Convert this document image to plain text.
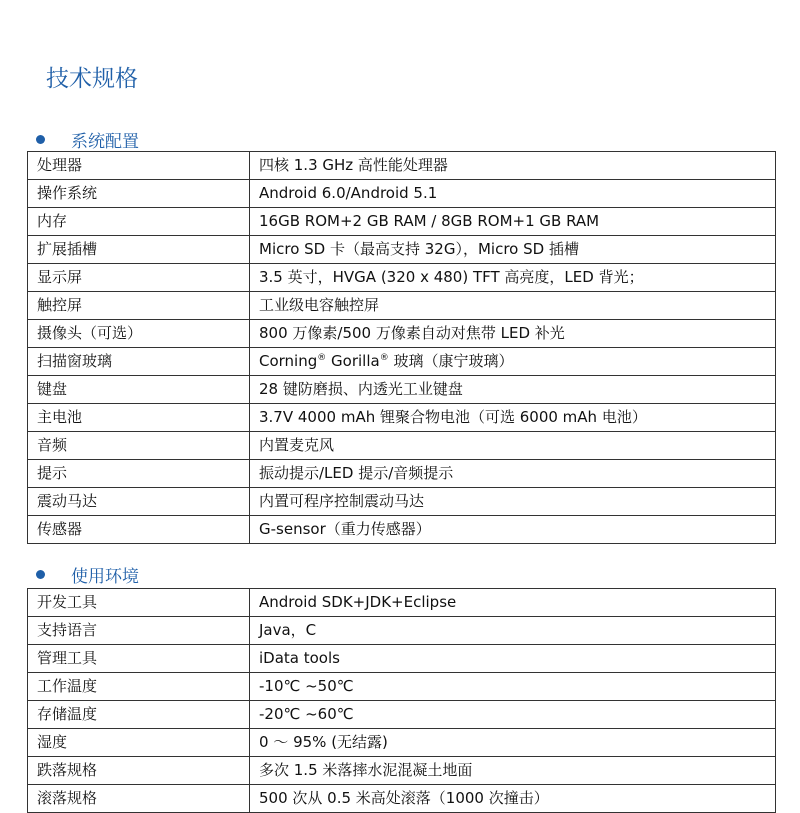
技术规格
系统配置
处理器	四核 1.3 GHz 高性能处理器
操作系统	Android 6.0/Android 5.1
内存	16GB ROM+2 GB RAM / 8GB ROM+1 GB RAM
扩展插槽	Micro SD 卡（最高支持 32G），Micro SD 插槽
显示屏	3.5 英寸，HVGA (320 x 480) TFT 高亮度，LED 背光；
触控屏	工业级电容触控屏
摄像头（可选）	800 万像素/500 万像素自动对焦带 LED 补光
扫描窗玻璃	Corning® Gorilla® 玻璃（康宁玻璃）
键盘	28 键防磨损、内透光工业键盘
主电池	3.7V 4000 mAh 锂聚合物电池（可选 6000 mAh 电池）
音频	内置麦克风
提示	振动提示/LED 提示/音频提示
震动马达	内置可程序控制震动马达
传感器	G-sensor（重力传感器）
使用环境
开发工具	Android SDK+JDK+Eclipse
支持语言	Java，C
管理工具	iData tools
工作温度	-10℃ ~50℃
存储温度	-20℃ ~60℃
湿度	0 ～ 95% (无结露)
跌落规格	多次 1.5 米落摔水泥混凝土地面
滚落规格	500 次从 0.5 米高处滚落（1000 次撞击）
